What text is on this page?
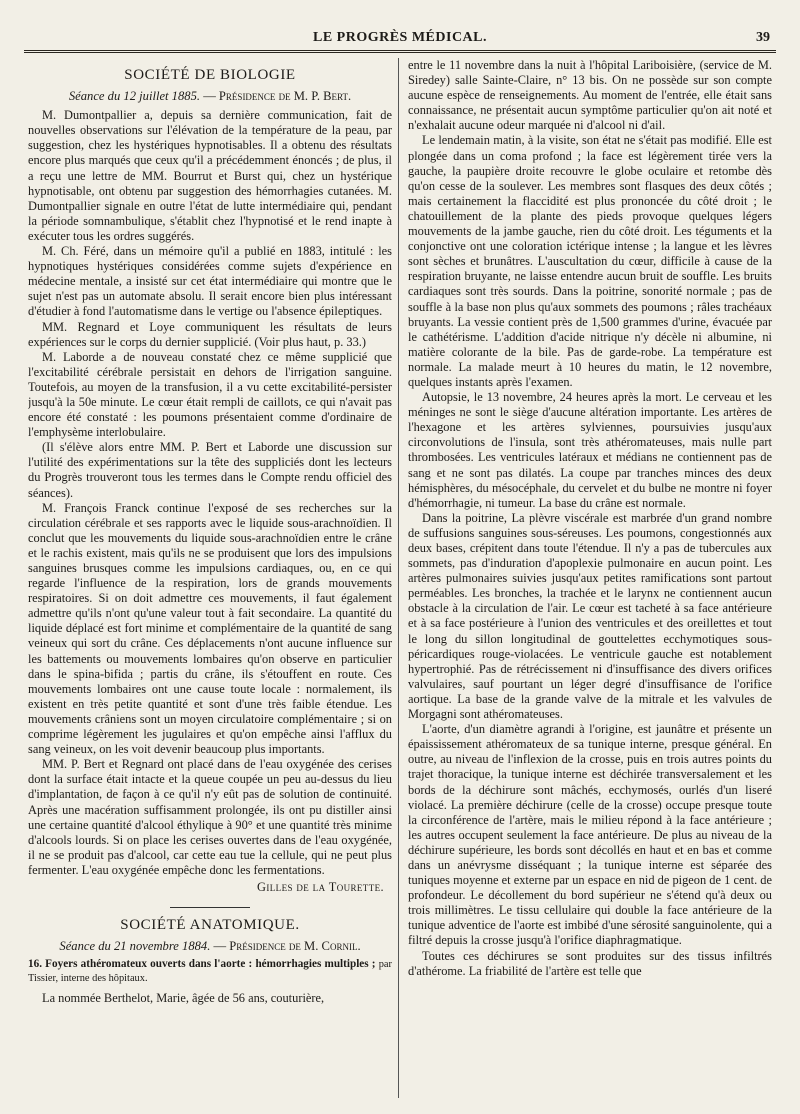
LE PROGRÈS MÉDICAL.	39
SOCIÉTÉ DE BIOLOGIE
Séance du 12 juillet 1885. — Présidence de M. P. Bert.

M. Dumontpallier a, depuis sa dernière communication, fait de nouvelles observations sur l'élévation de la température de la peau, par suggestion, chez les hystériques hypnotisables. Il a obtenu des résultats encore plus marqués que ceux qu'il a précédemment énoncés ; de plus, il a reçu une lettre de MM. Bourrut et Burst qui, chez un hystérique hypnotisable, ont obtenu par suggestion des hémorrhagies cutanées. M. Dumontpallier signale en outre l'état de lutte intermédiaire qui, pendant la période somnambulique, s'établit chez l'hypnotisé et le rend inapte à exécuter tous les ordres suggérés.

M. Ch. Féré, dans un mémoire qu'il a publié en 1883, intitulé : les hypnotiques hystériques considérées comme sujets d'expérience en médecine mentale, a insisté sur cet état intermédiaire qui montre que le sujet n'est pas un automate absolu. Il serait encore bien plus intéressant d'étudier à fond l'automatisme dans le vertige ou l'absence épileptiques.

MM. Regnard et Loye communiquent les résultats de leurs expériences sur le corps du dernier supplicié. (Voir plus haut, p. 33.)

M. Laborde a de nouveau constaté chez ce même supplicié que l'excitabilité cérébrale persistait en dehors de l'irrigation sanguine. Toutefois, au moyen de la transfusion, il a vu cette excitabilité-persister jusqu'à la 50e minute. Le cœur était rempli de caillots, ce qui n'avait pas encore été constaté : les poumons présentaient comme d'ordinaire de l'emphysème interlobulaire.

(Il s'élève alors entre MM. P. Bert et Laborde une discussion sur l'utilité des expérimentations sur la tête des suppliciés dont les lecteurs du Progrès trouveront tous les termes dans le Compte rendu officiel des séances).

M. François Franck continue l'exposé de ses recherches sur la circulation cérébrale et ses rapports avec le liquide sous-arachnoïdien. Il conclut que les mouvements du liquide sous-arachnoïdien entre le crâne et le rachis existent, mais qu'ils ne se produisent que lors des impulsions sanguines brusques comme les impulsions cardiaques, ou, en ce qui regarde l'influence de la respiration, lors de grands mouvements respiratoires. Si on doit admettre ces mouvements, il faut également admettre qu'ils n'ont qu'une valeur tout à fait secondaire. La quantité du liquide déplacé est fort minime et complémentaire de la quantité de sang veineux qui sort du crâne. Ces déplacements n'ont aucune influence sur les battements ou mouvements lombaires qu'on observe en particulier dans le spina-bifida ; partis du crâne, ils s'étouffent en route. Ces mouvements lombaires ont une cause toute locale : normalement, ils existent en très petite quantité et sont d'une très faible étendue. Les mouvements crâniens sont un moyen circulatoire complémentaire ; si on comprime légèrement les jugulaires et qu'on empêche ainsi l'afflux du sang veineux, on les voit devenir beaucoup plus importants.

MM. P. Bert et Regnard ont placé dans de l'eau oxygénée des cerises dont la surface était intacte et la queue coupée un peu au-dessus du lieu d'implantation, de façon à ce qu'il n'y eût pas de solution de continuité. Après une macération suffisamment prolongée, ils ont pu distiller ainsi une certaine quantité d'alcool éthylique à 90° et une quantité très minime d'alcools lourds. Si on place les cerises ouvertes dans de l'eau oxygénée, il ne se produit pas d'alcool, car cette eau tue la cellule, qui ne peut plus fermenter. L'eau oxygénée empêche donc les fermentations.

Gilles de la Tourette.
SOCIÉTÉ ANATOMIQUE.
Séance du 21 novembre 1884. — Présidence de M. Cornil.

16. Foyers athéromateux ouverts dans l'aorte : hémorrhagies multiples ; par Tissier, interne des hôpitaux.

La nommée Berthelot, Marie, âgée de 56 ans, couturière,

entre le 11 novembre dans la nuit à l'hôpital Lariboisière, (service de M. Siredey) salle Sainte-Claire, n° 13 bis. On ne possède sur son compte aucune espèce de renseignements. Au moment de l'entrée, elle était sans connaissance, ne présentait aucun symptôme particulier qu'on ait noté et n'exhalait aucune odeur marquée ni d'alcool ni d'ail.

Le lendemain matin, à la visite, son état ne s'était pas modifié. Elle est plongée dans un coma profond ; la face est légèrement tirée vers la gauche, la paupière droite recouvre le globe oculaire et retombe dès qu'on cesse de la soulever. Les membres sont flasques des deux côtés ; mais certainement la flaccidité est plus prononcée du côté droit ; le chatouillement de la plante des pieds provoque quelques légers mouvements de la jambe gauche, rien du côté droit. Les téguments et la conjonctive ont une coloration ictérique intense ; la langue et les lèvres sont sèches et brunâtres. L'auscultation du cœur, difficile à cause de la respiration bruyante, ne laisse entendre aucun bruit de souffle. Les bruits cardiaques sont très sourds. Dans la poitrine, sonorité normale ; pas de souffle à la base non plus qu'aux sommets des poumons ; râles trachéaux bruyants. La vessie contient près de 1,500 grammes d'urine, évacuée par le cathétérisme. L'addition d'acide nitrique n'y décèle ni albumine, ni matière colorante de la bile. Pas de garde-robe. La température est normale. La malade meurt à 10 heures du matin, le 12 novembre, quelques instants après l'examen.

Autopsie, le 13 novembre, 24 heures après la mort. Le cerveau et les méninges ne sont le siège d'aucune altération importante. Les artères de l'hexagone et les artères sylviennes, poursuivies jusqu'aux circonvolutions de l'insula, sont très athéromateuses, mais nulle part thrombosées. Les ventricules latéraux et médians ne contiennent pas de sang et ne sont pas dilatés. La coupe par tranches minces des deux hémisphères, du mésocéphale, du cervelet et du bulbe ne montre ni foyer d'hémorrhagie, ni tumeur. La base du crâne est normale.

Dans la poitrine, La plèvre viscérale est marbrée d'un grand nombre de suffusions sanguines sous-séreuses. Les poumons, congestionnés aux deux bases, crépitent dans toute l'étendue. Il n'y a pas de tubercules aux sommets, pas d'induration d'apoplexie pulmonaire en aucun point. Les artères pulmonaires suivies jusqu'aux petites ramifications sont partout perméables. Les bronches, la trachée et le larynx ne contiennent aucun obstacle à la circulation de l'air. Le cœur est tacheté à sa face antérieure et à sa face postérieure à l'union des ventricules et des oreillettes et tout le long du sillon longitudinal de gouttelettes ecchymotiques sous-péricardiques rouge-violacées. Le ventricule gauche est notablement hypertrophié. Pas de rétrécissement ni d'insuffisance des divers orifices valvulaires, sauf pourtant un léger degré d'insuffisance de l'orifice aortique. La base de la grande valve de la mitrale et les valvules de Morgagni sont athéromateuses.

L'aorte, d'un diamètre agrandi à l'origine, est jaunâtre et présente un épaississement athéromateux de sa tunique interne, presque général. En outre, au niveau de l'inflexion de la crosse, puis en trois autres points du trajet thoracique, la tunique interne est déchirée transversalement et les bords de la déchirure sont mâchés, ecchymosés, ourlés d'un liseré violacé. La première déchirure (celle de la crosse) occupe presque toute la circonférence de l'artère, mais le milieu répond à la face antérieure ; les autres occupent seulement la face antérieure. De plus au niveau de la déchirure supérieure, les bords sont décollés en haut et en bas et comme dans un anévrysme disséquant ; la tunique interne est séparée des tuniques moyenne et externe par un espace en nid de pigeon de 1 cent. de profondeur. Le décollement du bord supérieur ne s'étend qu'à deux ou trois millimètres. Le tissu cellulaire qui double la face antérieure de la tunique adventice de l'aorte est imbibé d'une sérosité sanguinolente, qui a filtré depuis la crosse jusqu'à l'orifice diaphragmatique.

Toutes ces déchirures se sont produites sur des tissus infiltrés d'athérome. La friabilité de l'artère est telle que
